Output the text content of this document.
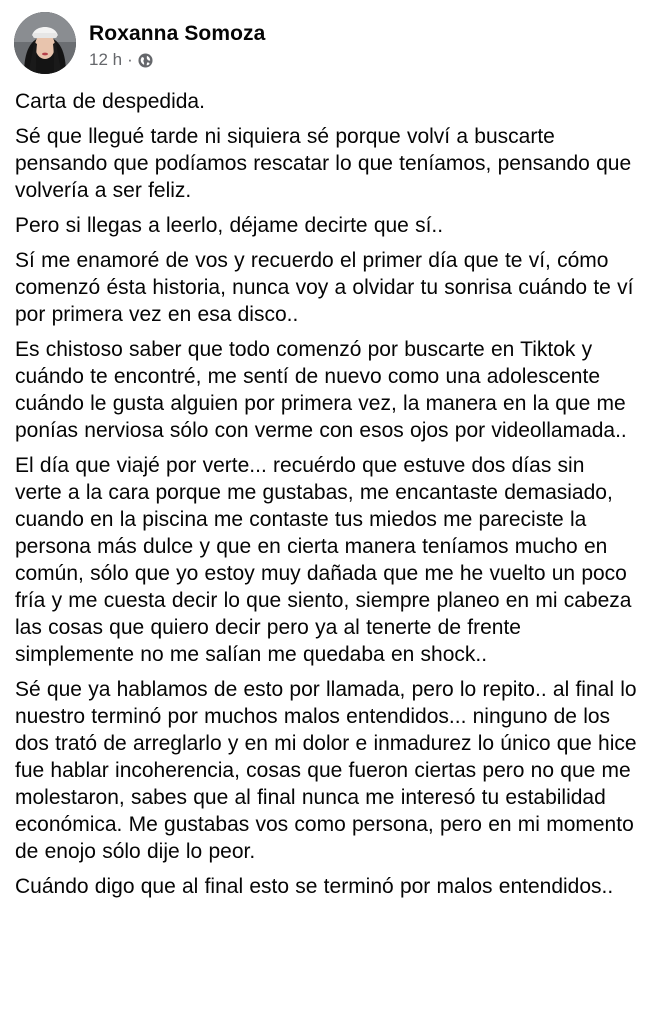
Roxanna Somoza
12 h ·

Carta de despedida.

Sé que llegué tarde ni siquiera sé porque volví a buscarte pensando que podíamos rescatar lo que teníamos, pensando que volvería a ser feliz.

Pero si llegas a leerlo, déjame decirte que sí..

Sí me enamoré de vos y recuerdo el primer día que te ví, cómo comenzó ésta historia, nunca voy a olvidar tu sonrisa cuándo te ví por primera vez en esa disco..

Es chistoso saber que todo comenzó por buscarte en Tiktok y cuándo te encontré, me sentí de nuevo como una adolescente cuándo le gusta alguien por primera vez, la manera en la que me ponías nerviosa sólo con verme con esos ojos por videollamada..

El día que viajé por verte... recuérdo que estuve dos días sin verte a la cara porque me gustabas, me encantaste demasiado, cuando en la piscina me contaste tus miedos me pareciste la persona más dulce y que en cierta manera teníamos mucho en común, sólo que yo estoy muy dañada que me he vuelto un poco fría y me cuesta decir lo que siento, siempre planeo en mi cabeza las cosas que quiero decir pero ya al tenerte de frente simplemente no me salían me quedaba en shock..

Sé que ya hablamos de esto por llamada, pero lo repito.. al final lo nuestro terminó por muchos malos entendidos... ninguno de los dos trató de arreglarlo y en mi dolor e inmadurez lo único que hice fue hablar incoherencia, cosas que fueron ciertas pero no que me molestaron, sabes que al final nunca me interesó tu estabilidad económica. Me gustabas vos como persona, pero en mi momento de enojo sólo dije lo peor.

Cuándo digo que al final esto se terminó por malos entendidos..
